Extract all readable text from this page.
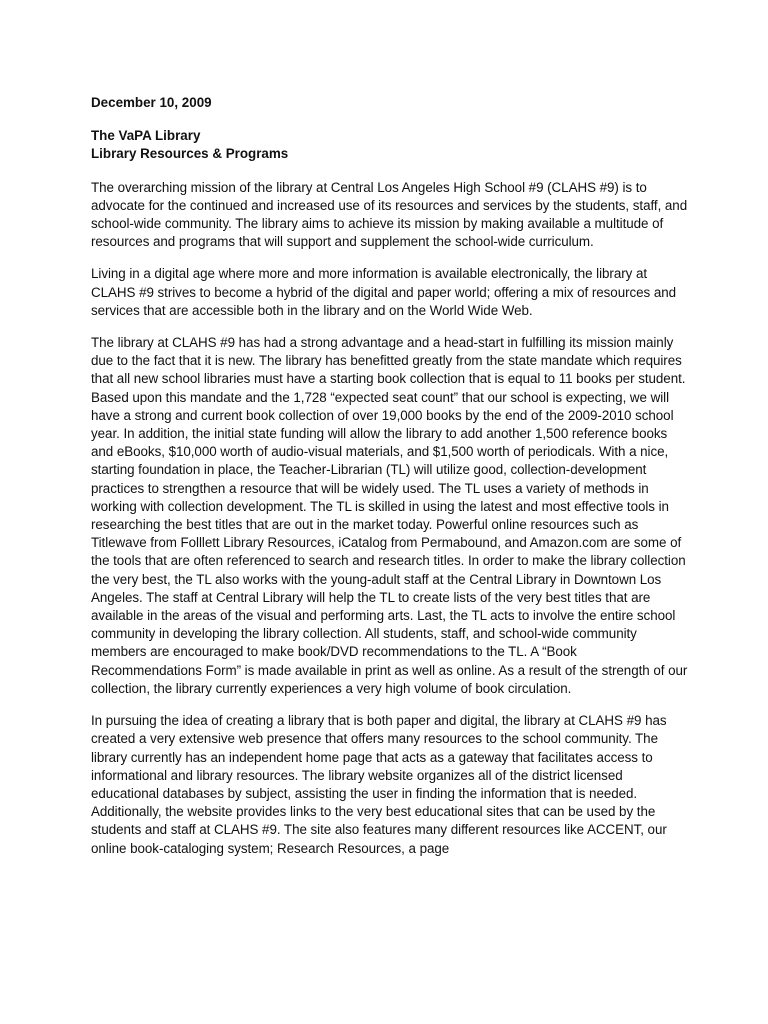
December 10, 2009

The VaPA Library

Library Resources & Programs

The overarching mission of the library at Central Los Angeles High School #9 (CLAHS #9) is to advocate for the continued and increased use of its resources and services by the students, staff, and school-wide community. The library aims to achieve its mission by making available a multitude of resources and programs that will support and supplement the school-wide curriculum.

Living in a digital age where more and more information is available electronically, the library at CLAHS #9 strives to become a hybrid of the digital and paper world; offering a mix of resources and services that are accessible both in the library and on the World Wide Web.

The library at CLAHS #9 has had a strong advantage and a head-start in fulfilling its mission mainly due to the fact that it is new. The library has benefitted greatly from the state mandate which requires that all new school libraries must have a starting book collection that is equal to 11 books per student. Based upon this mandate and the 1,728 “expected seat count” that our school is expecting, we will have a strong and current book collection of over 19,000 books by the end of the 2009-2010 school year. In addition, the initial state funding will allow the library to add another 1,500 reference books and eBooks, $10,000 worth of audio-visual materials, and $1,500 worth of periodicals. With a nice, starting foundation in place, the Teacher-Librarian (TL) will utilize good, collection-development practices to strengthen a resource that will be widely used. The TL uses a variety of methods in working with collection development. The TL is skilled in using the latest and most effective tools in researching the best titles that are out in the market today. Powerful online resources such as Titlewave from Folllett Library Resources, iCatalog from Permabound, and Amazon.com are some of the tools that are often referenced to search and research titles. In order to make the library collection the very best, the TL also works with the young-adult staff at the Central Library in Downtown Los Angeles. The staff at Central Library will help the TL to create lists of the very best titles that are available in the areas of the visual and performing arts. Last, the TL acts to involve the entire school community in developing the library collection. All students, staff, and school-wide community members are encouraged to make book/DVD recommendations to the TL. A “Book Recommendations Form” is made available in print as well as online. As a result of the strength of our collection, the library currently experiences a very high volume of book circulation.

In pursuing the idea of creating a library that is both paper and digital, the library at CLAHS #9 has created a very extensive web presence that offers many resources to the school community. The library currently has an independent home page that acts as a gateway that facilitates access to informational and library resources. The library website organizes all of the district licensed educational databases by subject, assisting the user in finding the information that is needed. Additionally, the website provides links to the very best educational sites that can be used by the students and staff at CLAHS #9. The site also features many different resources like ACCENT, our online book-cataloging system; Research Resources, a page
